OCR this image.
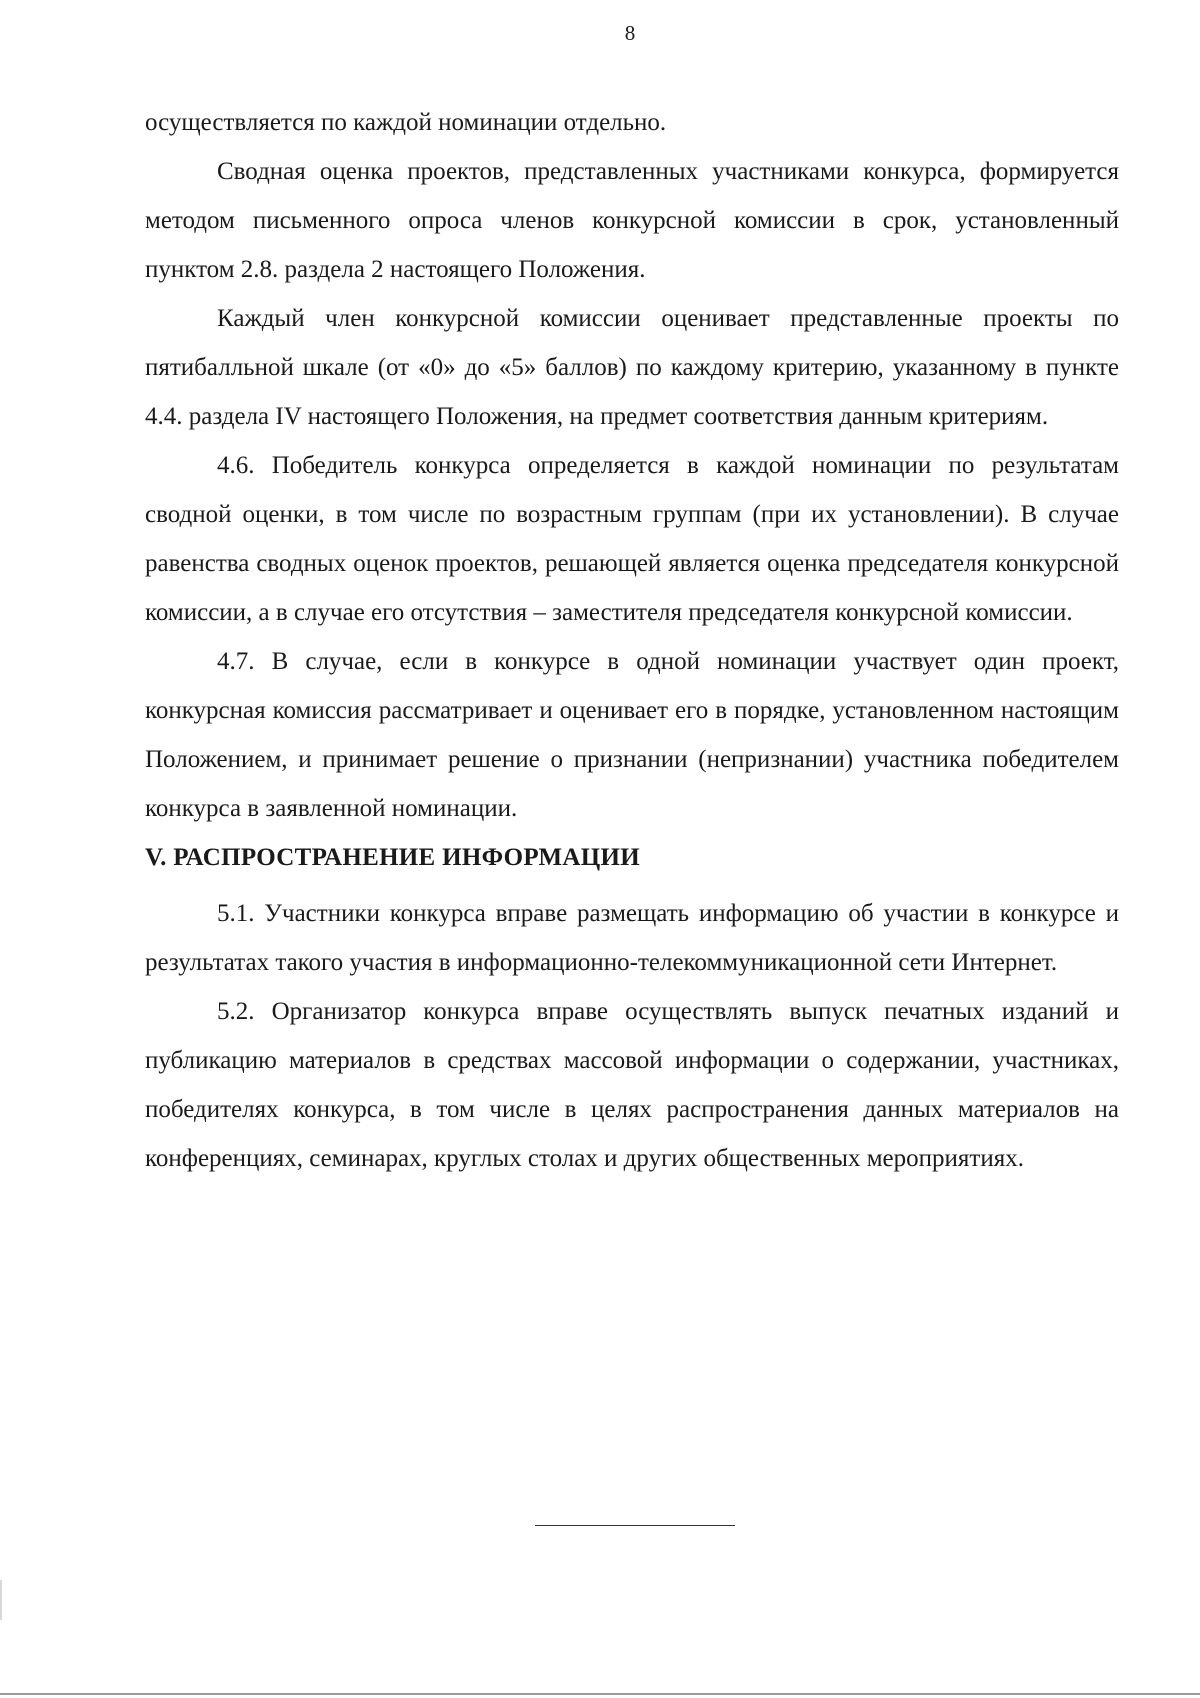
8

осуществляется по каждой номинации отдельно.

Сводная оценка проектов, представленных участниками конкурса, формируется методом письменного опроса членов конкурсной комиссии в срок, установленный пунктом 2.8. раздела 2 настоящего Положения.

Каждый член конкурсной комиссии оценивает представленные проекты по пятибалльной шкале (от «0» до «5» баллов) по каждому критерию, указанному в пункте 4.4. раздела IV настоящего Положения, на предмет соответствия данным критериям.

4.6. Победитель конкурса определяется в каждой номинации по результатам сводной оценки, в том числе по возрастным группам (при их установлении). В случае равенства сводных оценок проектов, решающей является оценка председателя конкурсной комиссии, а в случае его отсутствия – заместителя председателя конкурсной комиссии.

4.7. В случае, если в конкурсе в одной номинации участвует один проект, конкурсная комиссия рассматривает и оценивает его в порядке, установленном настоящим Положением, и принимает решение о признании (непризнании) участника победителем конкурса в заявленной номинации.

V. РАСПРОСТРАНЕНИЕ ИНФОРМАЦИИ

5.1. Участники конкурса вправе размещать информацию об участии в конкурсе и результатах такого участия в информационно-телекоммуникационной сети Интернет.

5.2. Организатор конкурса вправе осуществлять выпуск печатных изданий и публикацию материалов в средствах массовой информации о содержании, участниках, победителях конкурса, в том числе в целях распространения данных материалов на конференциях, семинарах, круглых столах и других общественных мероприятиях.
